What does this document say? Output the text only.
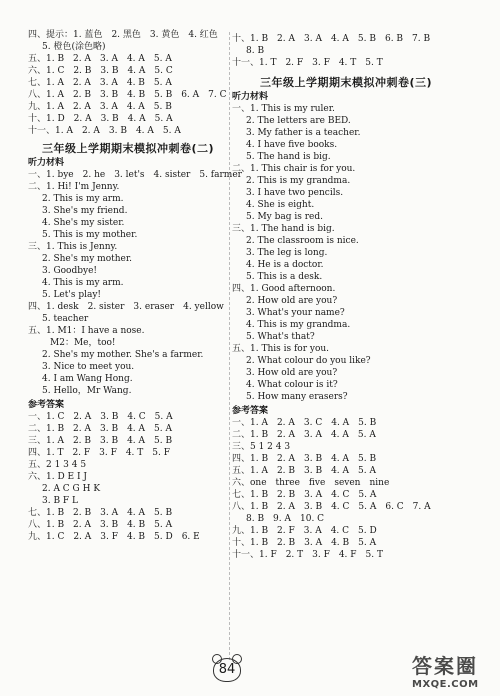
四、提示：1. 蓝色　2. 黑色　3. 黄色　4. 红色
5. 橙色(涂色略)
五、1. B　2. A　3. A　4. A　5. A
六、1. C　2. B　3. B　4. A　5. C
七、1. A　2. A　3. A　4. B　5. A
八、1. A　2. B　3. B　4. B　5. B　6. A　7. C
九、1. A　2. A　3. A　4. A　5. B
十、1. D　2. A　3. B　4. A　5. A
十一、1. A　2. A　3. B　4. A　5. A
三年级上学期期末模拟冲刺卷(二)
听力材料
一、1. bye　2. he　3. let's　4. sister　5. farmer
二、1. Hi! I'm Jenny.
2. This is my arm.
3. She's my friend.
4. She's my sister.
5. This is my mother.
三、1. This is Jenny.
2. She's my mother.
3. Goodbye!
4. This is my arm.
5. Let's play!
四、1. desk　2. sister　3. eraser　4. yellow
5. teacher
五、1. M1：I have a nose.
M2：Me，too!
2. She's my mother. She's a farmer.
3. Nice to meet you.
4. I am Wang Hong.
5. Hello，Mr Wang.
参考答案
一、1. C　2. A　3. B　4. C　5. A
二、1. B　2. A　3. B　4. A　5. A
三、1. A　2. B　3. B　4. A　5. B
四、1. T　2. F　3. F　4. T　5. F
五、2 1 3 4 5
六、1. D E I J
2. A C G H K
3. B F L
七、1. B　2. B　3. A　4. A　5. B
八、1. B　2. A　3. B　4. B　5. A
九、1. C　2. A　3. F　4. B　5. D　6. E
十、1. B　2. A　3. A　4. A　5. B　6. B　7. B
8. B
十一、1. T　2. F　3. F　4. T　5. T
三年级上学期期末模拟冲刺卷(三)
听力材料
一、1. This is my ruler.
2. The letters are BED.
3. My father is a teacher.
4. I have five books.
5. The hand is big.
二、1. This chair is for you.
2. This is my grandma.
3. I have two pencils.
4. She is eight.
5. My bag is red.
三、1. The hand is big.
2. The classroom is nice.
3. The leg is long.
4. He is a doctor.
5. This is a desk.
四、1. Good afternoon.
2. How old are you?
3. What's your name?
4. This is my grandma.
5. What's that?
五、1. This is for you.
2. What colour do you like?
3. How old are you?
4. What colour is it?
5. How many erasers?
参考答案
一、1. A　2. A　3. C　4. A　5. B
二、1. B　2. A　3. A　4. A　5. A
三、5 1 2 4 3
四、1. B　2. A　3. B　4. A　5. B
五、1. A　2. B　3. B　4. A　5. A
六、one　three　five　seven　nine
七、1. B　2. B　3. A　4. C　5. A
八、1. B　2. A　3. B　4. C　5. A　6. C　7. A
8. B　9. A　10. C
九、1. B　2. F　3. A　4. C　5. D
十、1. B　2. B　3. A　4. B　5. A
十一、1. F　2. T　3. F　4. F　5. T
84	答案圈
MXQE.COM
